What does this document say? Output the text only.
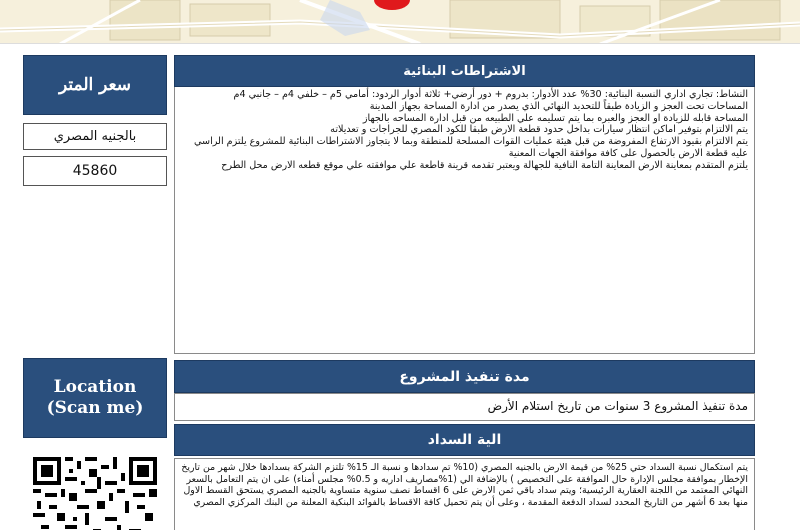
سعر المتر
بالجنيه المصري
45860
Location
(Scan me)
الاشتراطات البنائية

النشاط: تجاري اداري النسبة البنائية: 30% عدد الأدوار: بدروم + دور أرضي+ ثلاثة أدوار الردود: أمامي 5م – خلفي 4م – جانبي 4م

المساحات تحت العجز و الزيادة طبقاً للتحديد النهائي الذي يصدر من ادارة المساحة بجهاز المدينة

المساحة قابله للزيادة او العجز والعبره بما يتم تسليمه علي الطبيعه من قبل ادارة المساحه بالجهاز

يتم الالتزام بتوفير اماكن انتظار سيارات بداخل حدود قطعة الارض طبقا للكود المصري للجراجات و تعديلاته

يتم الالتزام بقيود الارتفاع المفروضة من قبل هيئة عمليات القوات المسلحة للمنطقة وبما لا يتجاوز الاشتراطات البنائية للمشروع يلتزم الراسي عليه قطعة الارض بالحصول على كافة موافقة الجهات المعنية

يلتزم المتقدم بمعاينة الارض المعاينة التامة النافية للجهالة ويعتبر تقدمه قرينة قاطعة علي موافقته علي موقع قطعه الارض محل الطرح

مدة تنفيذ المشروع
مدة تنفيذ المشروع 3 سنوات من تاريخ استلام الأرض
الية السداد
يتم استكمال نسبة السداد حتي 25% من قيمة الارض بالجنيه المصري (10% تم سدادها و نسبة الـ 15% تلتزم الشركة بسدادها خلال شهر من تاريخ الإخطار بموافقة مجلس الإدارة حال الموافقة على التخصيص ) بالإضافة الي (1%مصاريف اداريه و 0.5% مجلس أمناء) على ان يتم التعامل بالسعر النهائي المعتمد من اللجنة العقارية الرئيسية؛ ويتم سداد باقي ثمن الارض على 6 اقساط نصف سنوية متساوية بالجنيه المصري يستحق القسط الاول منها بعد 6 أشهر من التاريخ المحدد لسداد الدفعة المقدمة ، وعلى أن يتم تحميل كافة الاقساط بالفوائد البنكية المعلنة من البنك المركزي المصري
